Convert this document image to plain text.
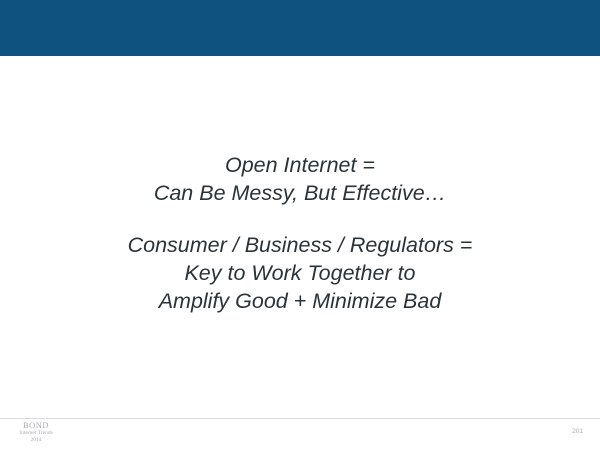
Open Internet =
Can Be Messy, But Effective…
Consumer / Business / Regulators =
Key to Work Together to
Amplify Good + Minimize Bad
BOND
Internet Trends
2014
201
